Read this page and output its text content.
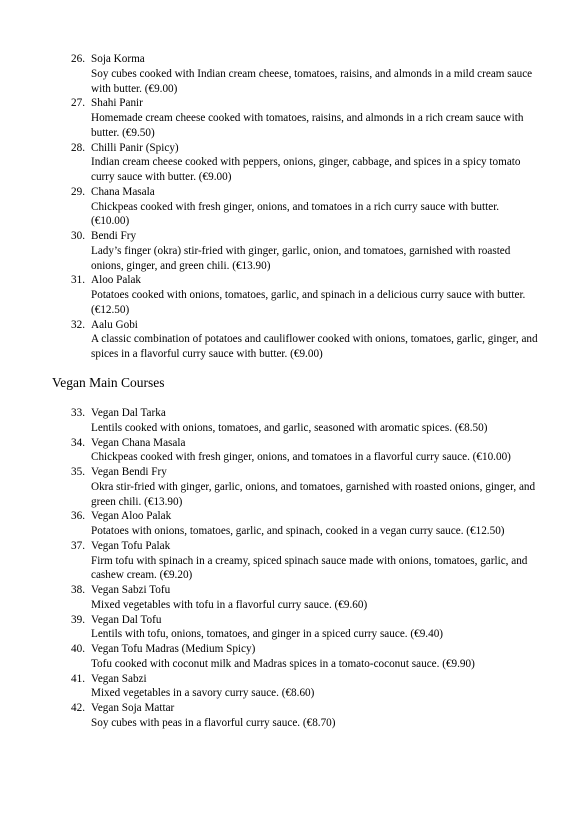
26. Soja Korma
Soy cubes cooked with Indian cream cheese, tomatoes, raisins, and almonds in a mild cream sauce with butter. (€9.00)
27. Shahi Panir
Homemade cream cheese cooked with tomatoes, raisins, and almonds in a rich cream sauce with butter. (€9.50)
28. Chilli Panir (Spicy)
Indian cream cheese cooked with peppers, onions, ginger, cabbage, and spices in a spicy tomato curry sauce with butter. (€9.00)
29. Chana Masala
Chickpeas cooked with fresh ginger, onions, and tomatoes in a rich curry sauce with butter. (€10.00)
30. Bendi Fry
Lady’s finger (okra) stir-fried with ginger, garlic, onion, and tomatoes, garnished with roasted onions, ginger, and green chili. (€13.90)
31. Aloo Palak
Potatoes cooked with onions, tomatoes, garlic, and spinach in a delicious curry sauce with butter. (€12.50)
32. Aalu Gobi
A classic combination of potatoes and cauliflower cooked with onions, tomatoes, garlic, ginger, and spices in a flavorful curry sauce with butter. (€9.00)
Vegan Main Courses
33. Vegan Dal Tarka
Lentils cooked with onions, tomatoes, and garlic, seasoned with aromatic spices. (€8.50)
34. Vegan Chana Masala
Chickpeas cooked with fresh ginger, onions, and tomatoes in a flavorful curry sauce. (€10.00)
35. Vegan Bendi Fry
Okra stir-fried with ginger, garlic, onions, and tomatoes, garnished with roasted onions, ginger, and green chili. (€13.90)
36. Vegan Aloo Palak
Potatoes with onions, tomatoes, garlic, and spinach, cooked in a vegan curry sauce. (€12.50)
37. Vegan Tofu Palak
Firm tofu with spinach in a creamy, spiced spinach sauce made with onions, tomatoes, garlic, and cashew cream. (€9.20)
38. Vegan Sabzi Tofu
Mixed vegetables with tofu in a flavorful curry sauce. (€9.60)
39. Vegan Dal Tofu
Lentils with tofu, onions, tomatoes, and ginger in a spiced curry sauce. (€9.40)
40. Vegan Tofu Madras (Medium Spicy)
Tofu cooked with coconut milk and Madras spices in a tomato-coconut sauce. (€9.90)
41. Vegan Sabzi
Mixed vegetables in a savory curry sauce. (€8.60)
42. Vegan Soja Mattar
Soy cubes with peas in a flavorful curry sauce. (€8.70)
